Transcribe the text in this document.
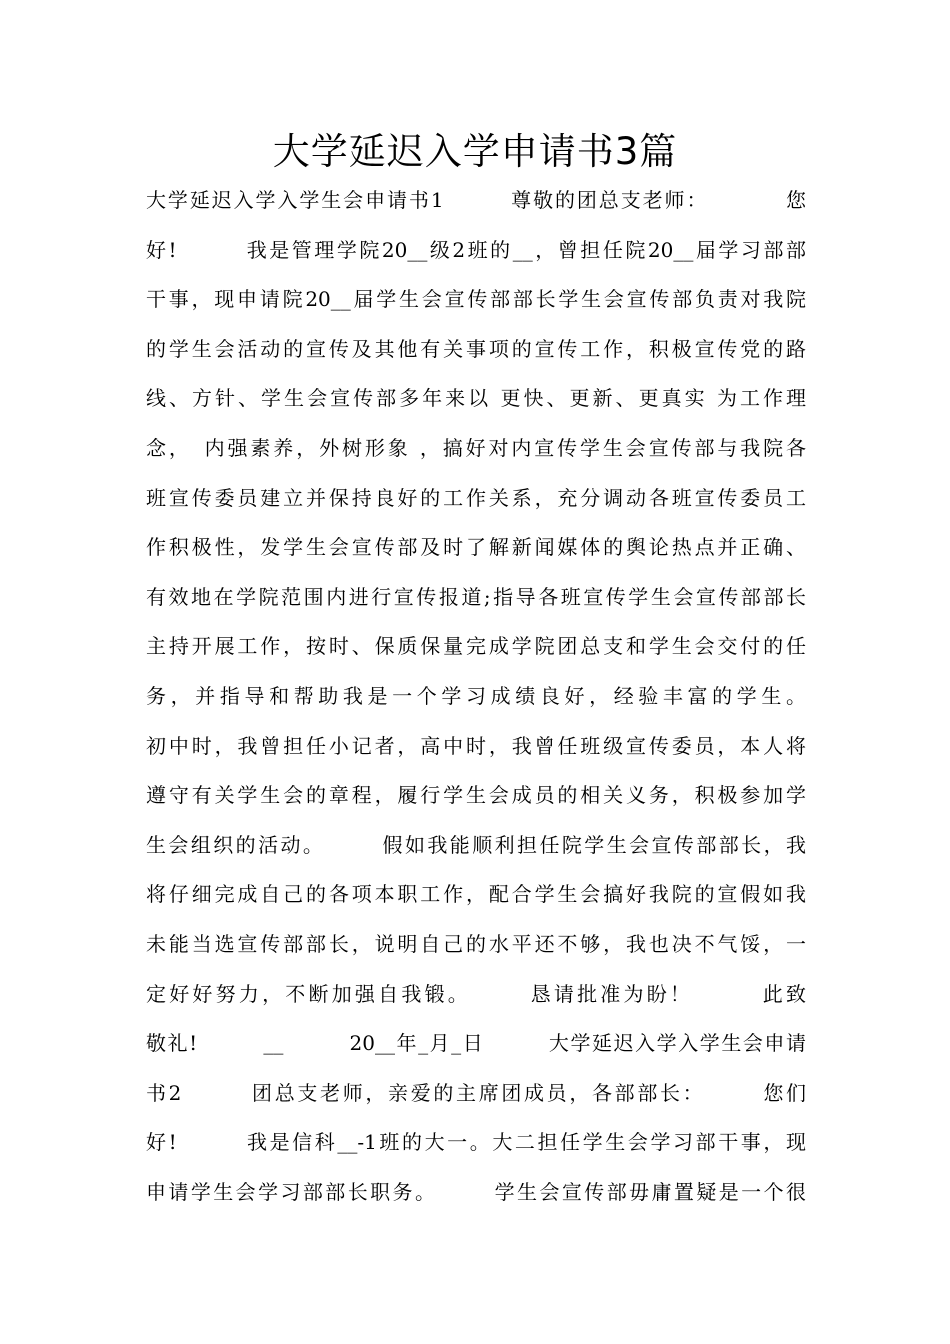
大学延迟入学申请书3篇
大学延迟入学入学生会申请书1　　　尊敬的团总支老师：　　　　您
好!　　　我是管理学院20__级2班的__，曾担任院20__届学习部部
干事，现申请院20__届学生会宣传部部长学生会宣传部负责对我院
的学生会活动的宣传及其他有关事项的宣传工作，积极宣传党的路
线、方针、学生会宣传部多年来以 更快、更新、更真实 为工作理
念，　内强素养，外树形象 ，搞好对内宣传学生会宣传部与我院各
班宣传委员建立并保持良好的工作关系，充分调动各班宣传委员工
作积极性，发学生会宣传部及时了解新闻媒体的舆论热点并正确、
有效地在学院范围内进行宣传报道;指导各班宣传学生会宣传部部长
主持开展工作，按时、保质保量完成学院团总支和学生会交付的任
务，并指导和帮助我是一个学习成绩良好，经验丰富的学生。
初中时，我曾担任小记者，高中时，我曾任班级宣传委员，本人将
遵守有关学生会的章程，履行学生会成员的相关义务，积极参加学
生会组织的活动。　　　假如我能顺利担任院学生会宣传部部长，我
将仔细完成自己的各项本职工作，配合学生会搞好我院的宣假如我
未能当选宣传部部长，说明自己的水平还不够，我也决不气馁，一
定好好努力，不断加强自我锻。　　　恳请批准为盼！　　　此致
敬礼!　　　__　　　20__年_月_日　　　大学延迟入学入学生会申请
书2　　　团总支老师，亲爱的主席团成员，各部部长：　　　您们
好!　　　我是信科__-1班的大一。大二担任学生会学习部干事，现
申请学生会学习部部长职务。　　　学生会宣传部毋庸置疑是一个很
